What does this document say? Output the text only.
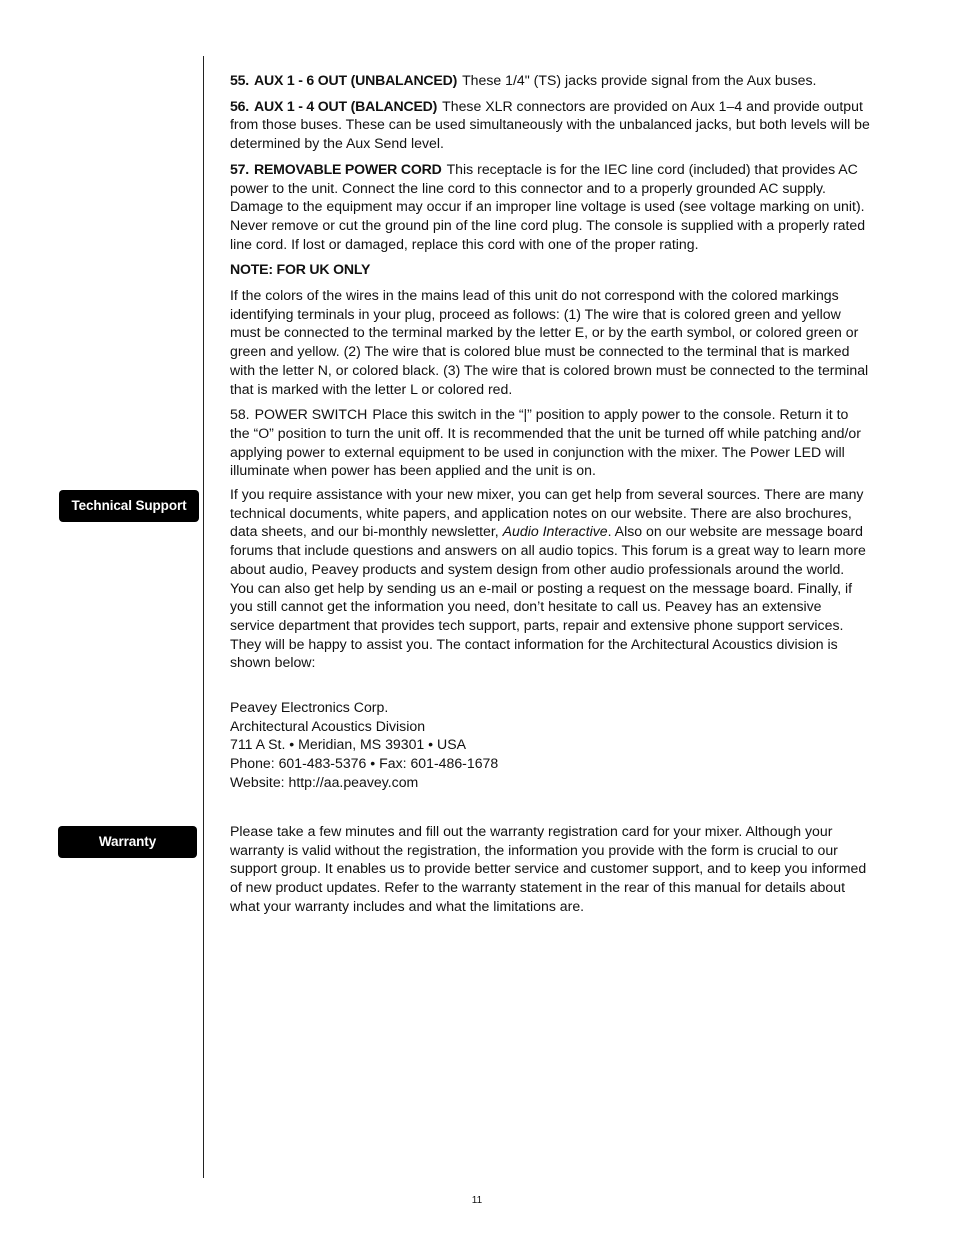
Technical Support
Warranty

55. AUX 1 - 6 OUT (UNBALANCED) These 1/4" (TS) jacks provide signal from the Aux buses.

56. AUX 1 - 4 OUT (BALANCED) These XLR connectors are provided on Aux 1–4 and provide output from those buses. These can be used simultaneously with the unbalanced jacks, but both levels will be determined by the Aux Send level.

57. REMOVABLE POWER CORD This receptacle is for the IEC line cord (included) that provides AC power to the unit. Connect the line cord to this connector and to a properly grounded AC supply. Damage to the equipment may occur if an improper line voltage is used (see voltage marking on unit). Never remove or cut the ground pin of the line cord plug. The console is supplied with a properly rated line cord. If lost or damaged, replace this cord with one of the proper rating.

NOTE: FOR UK ONLY

If the colors of the wires in the mains lead of this unit do not correspond with the colored markings identifying terminals in your plug, proceed as follows: (1) The wire that is colored green and yellow must be connected to the terminal marked by the letter E, or by the earth symbol, or colored green or green and yellow. (2) The wire that is colored blue must be connected to the terminal that is marked with the letter N, or colored black. (3) The wire that is colored brown must be connected to the terminal that is marked with the letter L or colored red.

58. POWER SWITCH Place this switch in the “|” position to apply power to the console. Return it to the “O” position to turn the unit off. It is recommended that the unit be turned off while patching and/or applying power to external equipment to be used in conjunction with the mixer. The Power LED will illuminate when power has been applied and the unit is on.

If you require assistance with your new mixer, you can get help from several sources. There are many technical documents, white papers, and application notes on our website. There are also brochures, data sheets, and our bi-monthly newsletter, Audio Interactive. Also on our website are message board forums that include questions and answers on all audio topics. This forum is a great way to learn more about audio, Peavey products and system design from other audio professionals around the world. You can also get help by sending us an e-mail or posting a request on the message board. Finally, if you still cannot get the information you need, don’t hesitate to call us. Peavey has an extensive service department that provides tech support, parts, repair and extensive phone support services. They will be happy to assist you. The contact information for the Architectural Acoustics division is shown below:

Peavey Electronics Corp.

Architectural Acoustics Division

711 A St. • Meridian, MS 39301 • USA

Phone: 601-483-5376 • Fax: 601-486-1678

Website: http://aa.peavey.com

Please take a few minutes and fill out the warranty registration card for your mixer. Although your warranty is valid without the registration, the information you provide with the form is crucial to our support group. It enables us to provide better service and customer support, and to keep you informed of new product updates. Refer to the warranty statement in the rear of this manual for details about what your warranty includes and what the limitations are.

11
